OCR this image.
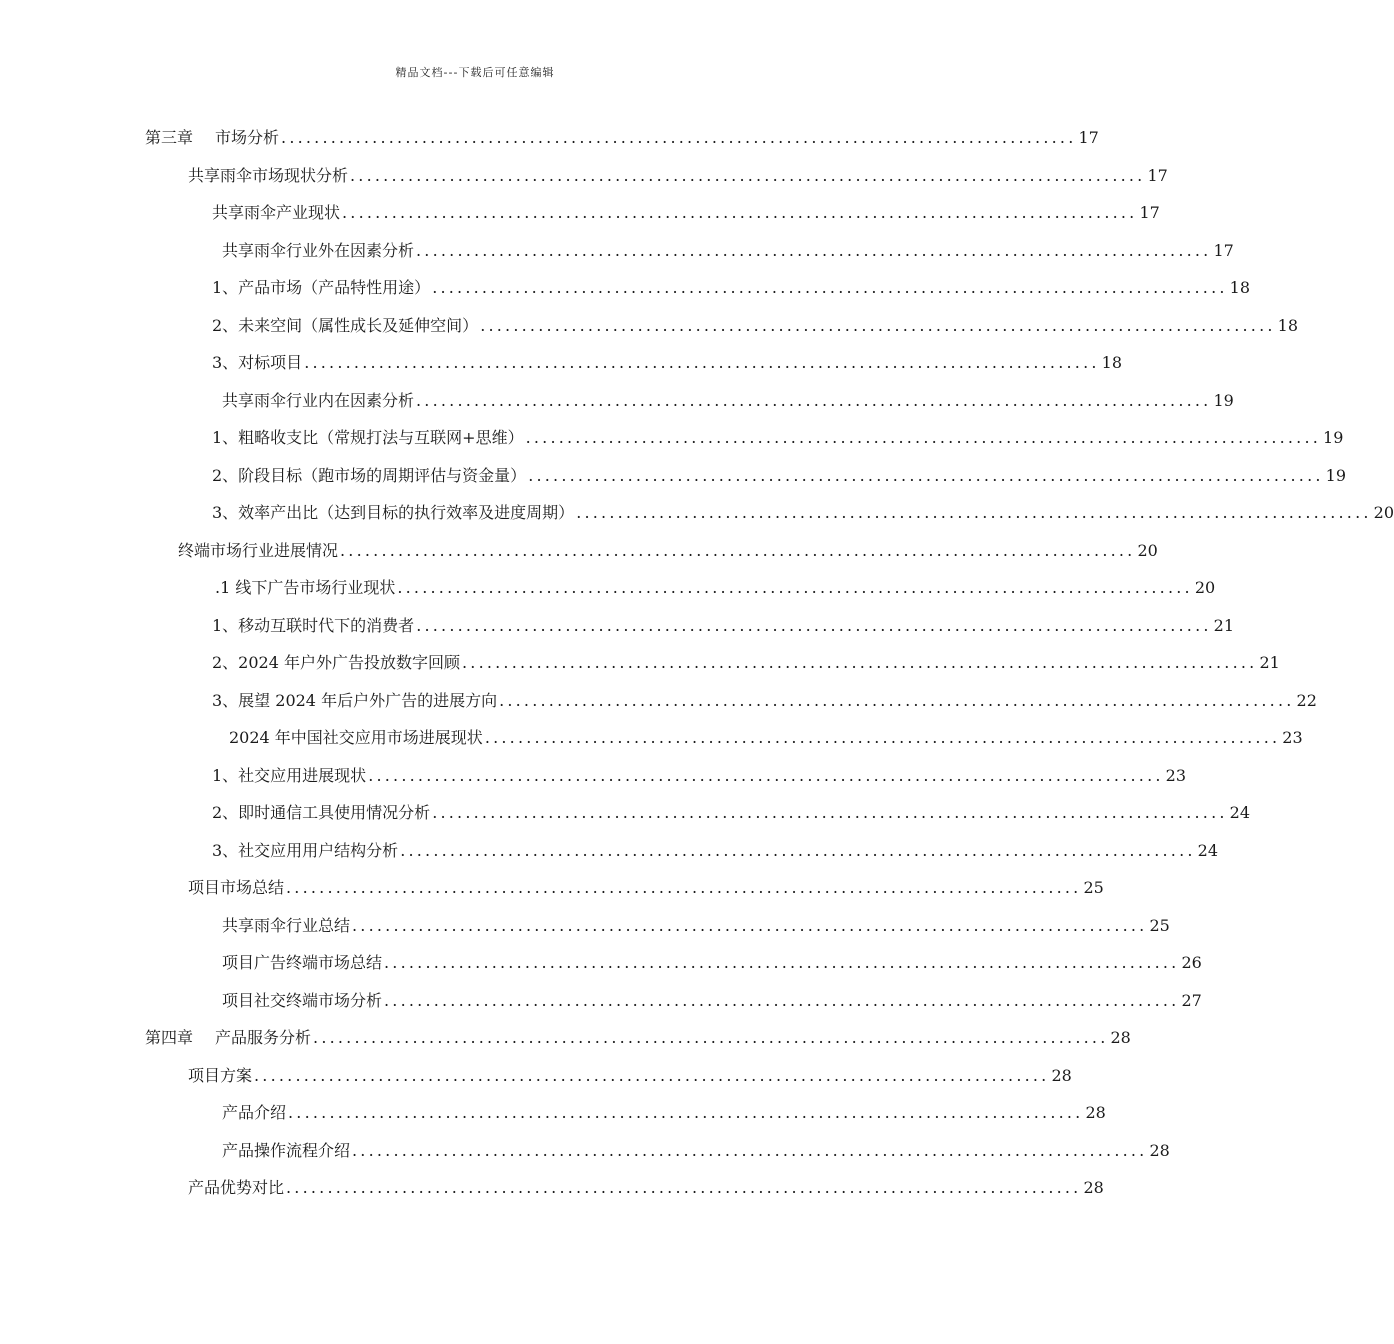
精品文档---下载后可任意编辑
第三章 市场分析 ................................................................................................ 17
共享雨伞市场现状分析 ................................................................................................ 17
共享雨伞产业现状 ................................................................................................ 17
共享雨伞行业外在因素分析 ................................................................................................ 17
1、产品市场（产品特性用途） ................................................................................................ 18
2、未来空间（属性成长及延伸空间） ................................................................................................ 18
3、对标项目 ................................................................................................ 18
共享雨伞行业内在因素分析 ................................................................................................ 19
1、粗略收支比（常规打法与互联网+思维） ................................................................................................ 19
2、阶段目标（跑市场的周期评估与资金量） ................................................................................................ 19
3、效率产出比（达到目标的执行效率及进度周期） ................................................................................................ 20
终端市场行业进展情况 ................................................................................................ 20
.1 线下广告市场行业现状 ................................................................................................ 20
1、移动互联时代下的消费者 ................................................................................................ 21
2、2024 年户外广告投放数字回顾 ................................................................................................ 21
3、展望 2024 年后户外广告的进展方向 ................................................................................................ 22
2024 年中国社交应用市场进展现状 ................................................................................................ 23
1、社交应用进展现状 ................................................................................................ 23
2、即时通信工具使用情况分析 ................................................................................................ 24
3、社交应用用户结构分析 ................................................................................................ 24
项目市场总结 ................................................................................................ 25
共享雨伞行业总结 ................................................................................................ 25
项目广告终端市场总结 ................................................................................................ 26
项目社交终端市场分析 ................................................................................................ 27
第四章 产品服务分析 ................................................................................................ 28
项目方案 ................................................................................................ 28
产品介绍 ................................................................................................ 28
产品操作流程介绍 ................................................................................................ 28
产品优势对比 ................................................................................................ 28
